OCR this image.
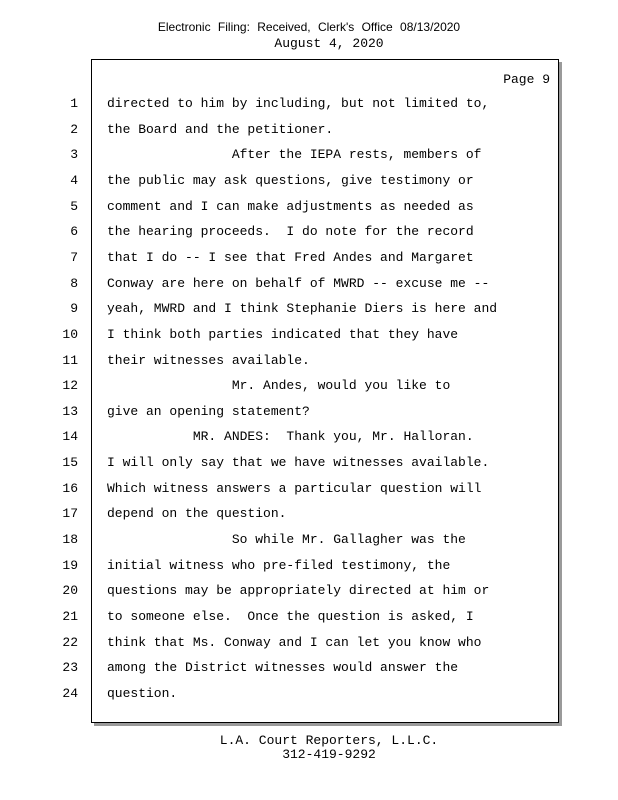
Electronic Filing: Received, Clerk's Office 08/13/2020
August 4, 2020
Page 9
1 directed to him by including, but not limited to,
2 the Board and the petitioner.
3 After the IEPA rests, members of
4 the public may ask questions, give testimony or
5 comment and I can make adjustments as needed as
6 the hearing proceeds.  I do note for the record
7 that I do -- I see that Fred Andes and Margaret
8 Conway are here on behalf of MWRD -- excuse me --
9 yeah, MWRD and I think Stephanie Diers is here and
10 I think both parties indicated that they have
11 their witnesses available.
12 Mr. Andes, would you like to
13 give an opening statement?
14 MR. ANDES:  Thank you, Mr. Halloran.
15 I will only say that we have witnesses available.
16 Which witness answers a particular question will
17 depend on the question.
18 So while Mr. Gallagher was the
19 initial witness who pre-filed testimony, the
20 questions may be appropriately directed at him or
21 to someone else.  Once the question is asked, I
22 think that Ms. Conway and I can let you know who
23 among the District witnesses would answer the
24 question.
L.A. Court Reporters, L.L.C.
312-419-9292
